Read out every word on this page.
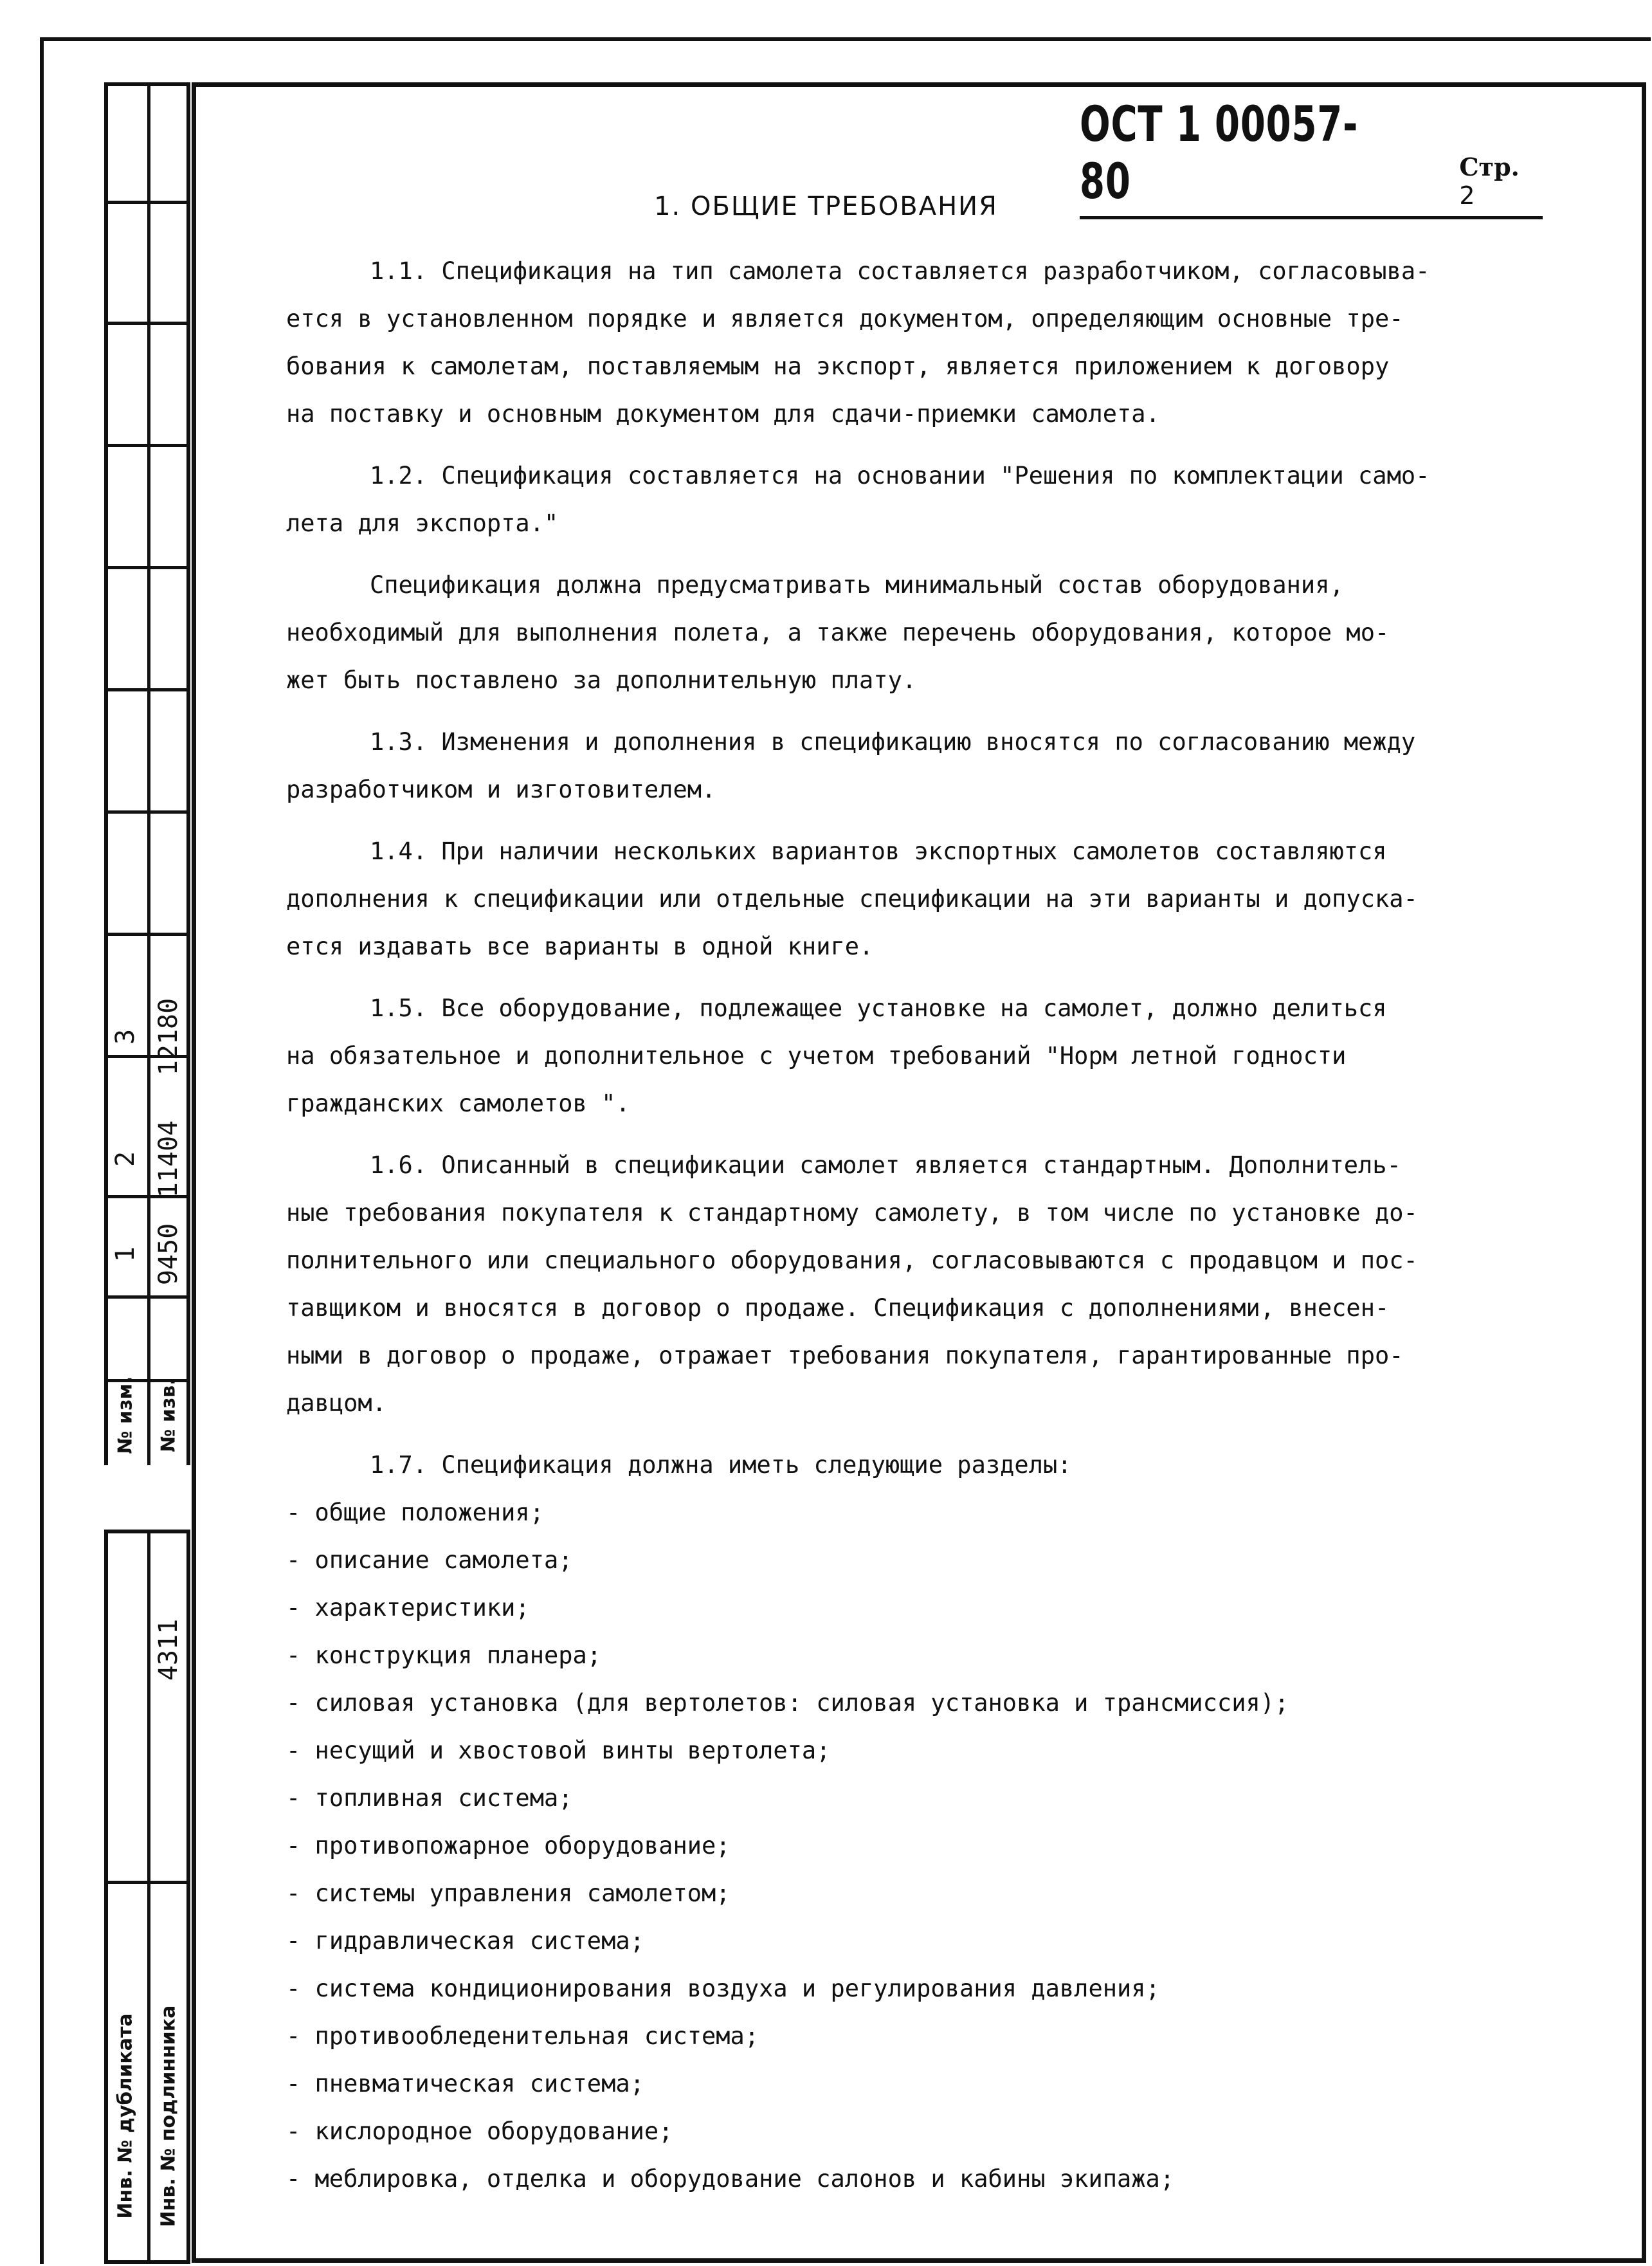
3 12180
2 11404
1 9450
№ изм. № изв.
4311
Инв. № дубликата Инв. № подлинника
ОСТ 1 00057-80	Стр. 2
1. ОБЩИЕ ТРЕБОВАНИЯ
1.1. Спецификация на тип самолета составляется разработчиком, согласовыва-
ется в установленном порядке и является документом, определяющим основные тре-
бования к самолетам, поставляемым на экспорт, является приложением к договору
на поставку и основным документом для сдачи-приемки самолета.
1.2. Спецификация составляется на основании "Решения по комплектации само-
лета для экспорта."
Спецификация должна предусматривать минимальный состав оборудования,
необходимый для выполнения полета, а также перечень оборудования, которое мо-
жет быть поставлено за дополнительную плату.
1.3. Изменения и дополнения в спецификацию вносятся по согласованию между
разработчиком и изготовителем.
1.4. При наличии нескольких вариантов экспортных самолетов составляются
дополнения к спецификации или отдельные спецификации на эти варианты и допуска-
ется издавать все варианты в одной книге.
1.5. Все оборудование, подлежащее установке на самолет, должно делиться
на обязательное и дополнительное с учетом требований "Норм летной годности
гражданских самолетов ".
1.6. Описанный в спецификации самолет является стандартным. Дополнитель-
ные требования покупателя к стандартному самолету, в том числе по установке до-
полнительного или специального оборудования, согласовываются с продавцом и пос-
тавщиком и вносятся в договор о продаже. Спецификация с дополнениями, внесен-
ными в договор о продаже, отражает требования покупателя, гарантированные про-
давцом.
1.7. Спецификация должна иметь следующие разделы:
- общие положения;
- описание самолета;
- характеристики;
- конструкция планера;
- силовая установка (для вертолетов: силовая установка и трансмиссия);
- несущий и хвостовой винты вертолета;
- топливная система;
- противопожарное оборудование;
- системы управления самолетом;
- гидравлическая система;
- система кондиционирования воздуха и регулирования давления;
- противообледенительная система;
- пневматическая система;
- кислородное оборудование;
- меблировка, отделка и оборудование салонов и кабины экипажа;
